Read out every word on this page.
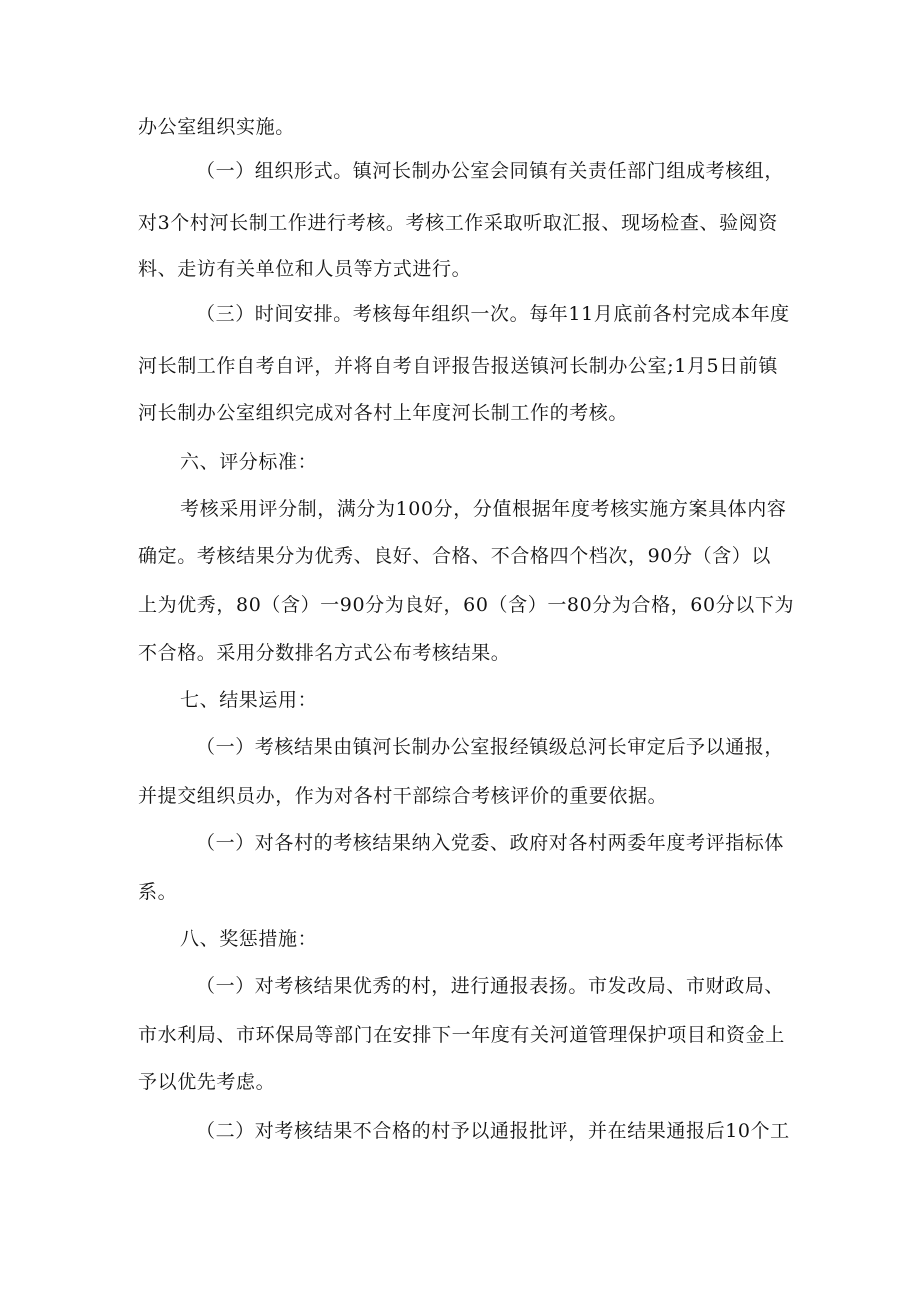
办公室组织实施。
（一）组织形式。镇河长制办公室会同镇有关责任部门组成考核组，
对3个村河长制工作进行考核。考核工作采取听取汇报、现场检查、验阅资
料、走访有关单位和人员等方式进行。
（三）时间安排。考核每年组织一次。每年11月底前各村完成本年度
河长制工作自考自评，并将自考自评报告报送镇河长制办公室;1月5日前镇
河长制办公室组织完成对各村上年度河长制工作的考核。
六、评分标准：
考核采用评分制，满分为100分，分值根据年度考核实施方案具体内容
确定。考核结果分为优秀、良好、合格、不合格四个档次，90分（含）以
上为优秀，80（含）一90分为良好，60（含）一80分为合格，60分以下为
不合格。采用分数排名方式公布考核结果。
七、结果运用：
（一）考核结果由镇河长制办公室报经镇级总河长审定后予以通报，
并提交组织员办，作为对各村干部综合考核评价的重要依据。
（一）对各村的考核结果纳入党委、政府对各村两委年度考评指标体
系。
八、奖惩措施：
（一）对考核结果优秀的村，进行通报表扬。市发改局、市财政局、
市水利局、市环保局等部门在安排下一年度有关河道管理保护项目和资金上
予以优先考虑。
（二）对考核结果不合格的村予以通报批评，并在结果通报后10个工
